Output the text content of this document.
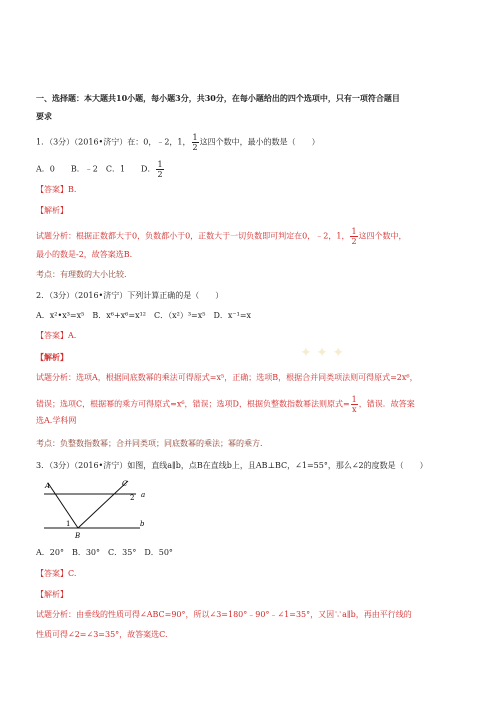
一、选择题：本大题共10小题，每小题3分，共30分，在每小题给出的四个选项中，只有一项符合题目
要求
1．（3分）（2016•济宁）在：0，﹣2，1， $\frac{1}{2}$ 这四个数中，最小的数是（　　）
A．0　　B．﹣2　C．1　　D． $\frac{1}{2}$
【答案】B.
【解析】
试题分析：根据正数都大于0，负数都小于0，正数大于一切负数即可判定在0，﹣2，1， $\frac{1}{2}$ 这四个数中，
最小的数是-2，故答案选B.
考点：有理数的大小比较.
2．（3分）（2016•济宁）下列计算正确的是（　　）
A．x²•x³=x⁵　B．x⁶+x⁶=x¹²　C．（x²）³=x⁵　D．x⁻¹=x
【答案】A.
【解析】
试题分析：选项A，根据同底数幂的乘法可得原式=x⁵，正确；选项B，根据合并同类项法则可得原式=2x⁶，
错误；选项C，根据幂的乘方可得原式=x⁶，错误；选项D，根据负整数指数幂法则原式= $\frac{1}{x}$ ，错误．故答案
选A.学科网
考点：负整数指数幂；合并同类项；同底数幂的乘法；幂的乘方.
✦ ✦ ✦
3．（3分）（2016•济宁）如图，直线a∥b，点B在直线b上，且AB⊥BC，∠1=55°，那么∠2的度数是（　　）
A	C
2 a
1
B
b
A．20°　B．30°　C．35°　D．50°
【答案】C.
【解析】
试题分析：由垂线的性质可得∠ABC=90°，所以∠3=180°﹣90°﹣∠1=35°，又因∵a∥b，再由平行线的
性质可得∠2=∠3=35°，故答案选C.
